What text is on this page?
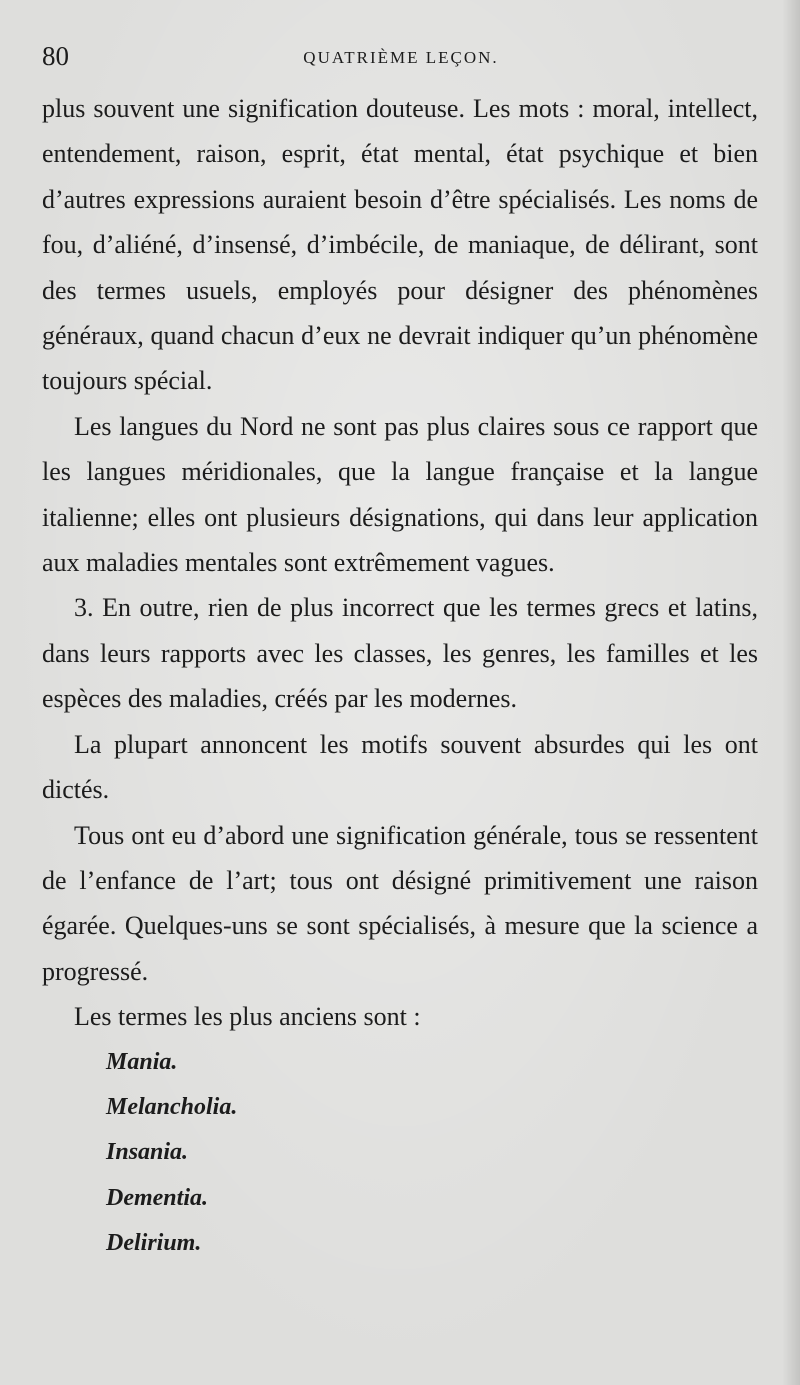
80	QUATRIÈME LEÇON.

plus souvent une signification douteuse. Les mots : moral, intellect, entendement, raison, esprit, état mental, état psychique et bien d’autres expressions auraient besoin d’être spécialisés. Les noms de fou, d’aliéné, d’insensé, d’imbécile, de maniaque, de délirant, sont des termes usuels, employés pour désigner des phénomènes généraux, quand chacun d’eux ne devrait indiquer qu’un phénomène toujours spécial.

Les langues du Nord ne sont pas plus claires sous ce rapport que les langues méridionales, que la langue française et la langue italienne; elles ont plusieurs désignations, qui dans leur application aux maladies mentales sont extrêmement vagues.

3. En outre, rien de plus incorrect que les termes grecs et latins, dans leurs rapports avec les classes, les genres, les familles et les espèces des maladies, créés par les modernes.

La plupart annoncent les motifs souvent absurdes qui les ont dictés.

Tous ont eu d’abord une signification générale, tous se ressentent de l’enfance de l’art; tous ont désigné primitivement une raison égarée. Quelques-uns se sont spécialisés, à mesure que la science a progressé.

Les termes les plus anciens sont :

Mania.
Melancholia.
Insania.
Dementia.
Delirium.
